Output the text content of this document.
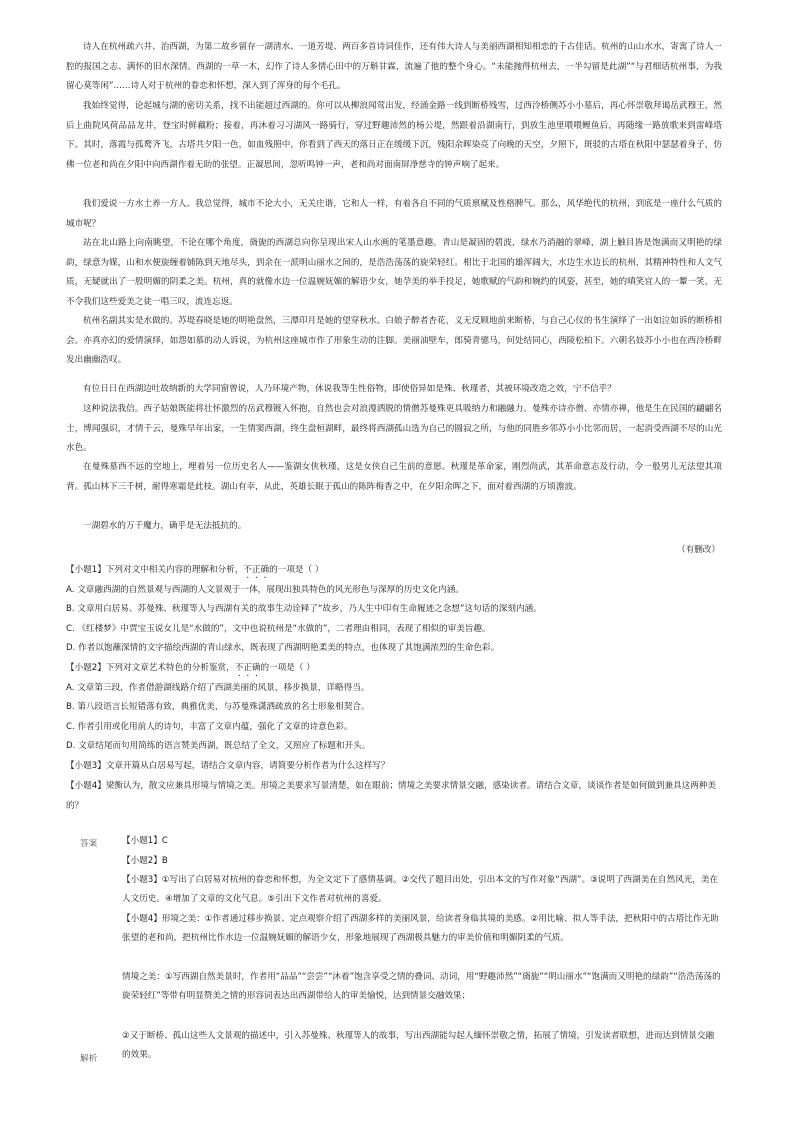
诗人在杭州疏六井、治西湖，为第二故乡留存一湖清水、一道芳堤、两百多首诗词佳作，还有伟大诗人与美丽西湖相知相恋的千古佳话。杭州的山山水水，寄寓了诗人一腔的报国之志、满怀的旧水深情。西湖的一草一木，幻作了诗人多情心田中的万斛甘霖，流遍了他的整个身心。“未能抛得杭州去，一半勾留是此湖”“与君细话杭州事，为我留心莫等闲”……诗人对于杭州的眷恋和怀想，深入到了浑身的每个毛孔。

我始终觉得，论起城与湖的密切关系，找不出能超过西湖的。你可以从柳浪闻莺出发，经涌金路一线到断桥残雪，过西泠桥侧苏小小墓后，再心怀崇敬拜谒岳武穆王，然后上曲院风荷品品龙井，登宝时鲜藕粉；接着，再沐着习习湖风一路骑行，穿过野趣沛然的杨公堤，然跟着沿湖南行，到放生池里喂喂鲤鱼后，再随缘一路放歌来到雷峰塔下。其时，落霞与孤鹜齐飞，古塔共夕阳一色，如血残照中，你看到了西天的落日正在缓缓下沉，残阳余晖染亮了向晚的天空，夕照下，斑驳的古塔在秋阳中瑟瑟着身子，仿佛一位老和尚在夕阳中向西湖作着无助的张望。正凝思间，忽听鸣钟一声，老和尚对面南屏净慈寺的钟声响了起来。

我们爱说一方水土养一方人。我总觉得，城市不论大小，无关庄谐，它和人一样，有着各自不同的气质禀赋及性格脾气。那么，风华绝代的杭州，到底是一座什么气质的城市呢？

站在北山路上向南眺望，不论在哪个角度，旖旎的西湖总向你呈现出宋人山水画的笔墨意趣。青山是凝固的碧波，绿水乃消融的翠峰，湖上触目皆是饱满而又明艳的绿韵，绿意为媒，山和水便旋缠着铺陈到天地尽头，到余在一派明山丽水之间的，是浩浩荡荡的旋荣轻红。相比于北国的雄浑阔大，水边生水边长的杭州，其精神特性和人文气质，无疑就出了一股明媚的阴柔之美。杭州，真的就像水边一位温婉妩媚的解语少女，她孕美的举手投足，她歌赋的气韵和婉约的风姿，甚至，她的嗔笑宜人的一颦一笑，无不令我们这些爱美之徒一唱三叹，流连忘返。

杭州名副其实是水做的。苏堤春晓是她的明艳盘然，三潭印月是她的望穿秋水。白娘子醉者杏花，义无反顾地前来断桥，与自己心仪的书生演绎了一出如泣如诉的断桥相会。亦真亦幻的爱情演绎，如怨如慕的动人诉说，为杭州这座城市作了形象生动的注脚。美丽油壁车，郎骑青骢马，何处结同心，西陵松柏下。六朝名妓苏小小也在西泠桥畔发出幽幽浩叹。

有位日日在西湖边吐故纳新的大学同窗曾说，人乃环境产物，休说我等生性俗物，即使俗异如是殊、秋瑾者，其被环境改造之效，宁不信乎？

这种说法我信。西子姑娘既能将壮怀激烈的岳武穆镀入怀抱，自然也会对浪漫洒脱的情僧苏曼殊更具吸纳力和融融力。曼殊亦诗亦僧、亦情亦禅，他是生在民国的翩翩名士，博闻强识，才情千云，曼殊早年出家，一生情窦西湖，终生盘桓湖畔，最终将西湖孤山选为自己的圆寂之所，与他的同胜乡邻苏小小比邻而居，一起消受西湖不尽的山光水色。

在曼殊墓西不远的空地上，埋着另一位历史名人——鉴湖女侠秋瑾，这是女侠自己生前的意愿。秋瑾是革命家，刚烈尚武，其革命意志及行动，令一般男儿无法望其项背。孤山林下三千树，耐得寒霜是此枝。湖山有幸，从此，英雄长眠于孤山的陈阵梅香之中，在夕阳余晖之下，面对着西湖的万顷澹波。

一湖碧水的万千魔力，确乎是无法抵抗的。

（有删改）

【小题1】下列对文中相关内容的理解和分析，不正确的一项是（ ）

A. 文章融西湖的自然景观与西湖的人文景观于一体，展现出独具特色的风光形色与深厚的历史文化内涵。

B. 文章用白居易、苏曼殊、秋瑾等人与西湖有关的故事生动诠释了“故乡，乃人生中印有生命履迹之念想”这句话的深刻内涵。

C. 《红楼梦》中贾宝玉说女儿是“水做的”，文中也说杭州是“水做的”，二者理由相同，表现了相似的审美旨趣。

D. 作者以饱蘸深情的文字描绘西湖的青山绿水，既表现了西湖明艳柔美的特点，也体现了其饱满浓烈的生命色彩。

【小题2】下列对文章艺术特色的分析鉴赏，不正确的一项是（ ）

A. 文章第三段，作者借游湖线路介绍了西湖美丽的风景，移步换景，详略得当。

B. 第八段语言长短错落有致，典雅优美，与苏曼殊潇洒疏放的名士形象相契合。

C. 作者引用或化用前人的诗句，丰富了文章内蕴，强化了文章的诗意色彩。

D. 文章结尾而句用简练的语言赞美西湖，既总结了全文，又照应了标题和开头。

【小题3】文章开篇从白居易写起，请结合文章内容，请简要分析作者为什么这样写？

【小题4】梁衡认为，散文应兼具形境与情境之美。形境之美要求写景清楚，如在眼前；情境之美要求情景交融，感染读者。请结合文章，谈谈作者是如何做到兼具这两种美的？

答案	【小题1】C

【小题2】B

【小题3】①写出了白居易对杭州的眷恋和怀想，为全文定下了感情基调。②交代了题目出处，引出本文的写作对象“西湖”。③说明了西湖美在自然风光，美在人文历史。④增加了文章的文化气息。⑤引出下文作者对杭州的喜爱。

【小题4】形境之美：①作者通过移步换景、定点观察介绍了西湖多样的美丽风景，给读者身临其境的美感。②用比喻、拟人等手法，把秋阳中的古塔比作无助张望的老和尚，把杭州比作水边一位温婉妩媚的解语少女，形象地展现了西湖极具魅力的审美价值和明媚阴柔的气质。

情境之美：①写西湖自然美景时，作者用“品品”“尝尝”“沐着”饱含享受之情的叠词、动词，用“野趣沛然”“旖旎”“明山丽水”“饱满而又明艳的绿韵”“浩浩荡荡的旋荣轻红”等带有明显赞美之情的形容词表达出西湖带给人的审美愉悦，达到情景交融效果；

②又于断桥、孤山这些人文景观的描述中，引入苏曼殊、秋瑾等人的故事，写出西湖能勾起人缅怀崇敬之情，拓展了情境，引发读者联想，进而达到情景交融的效果。

解析
